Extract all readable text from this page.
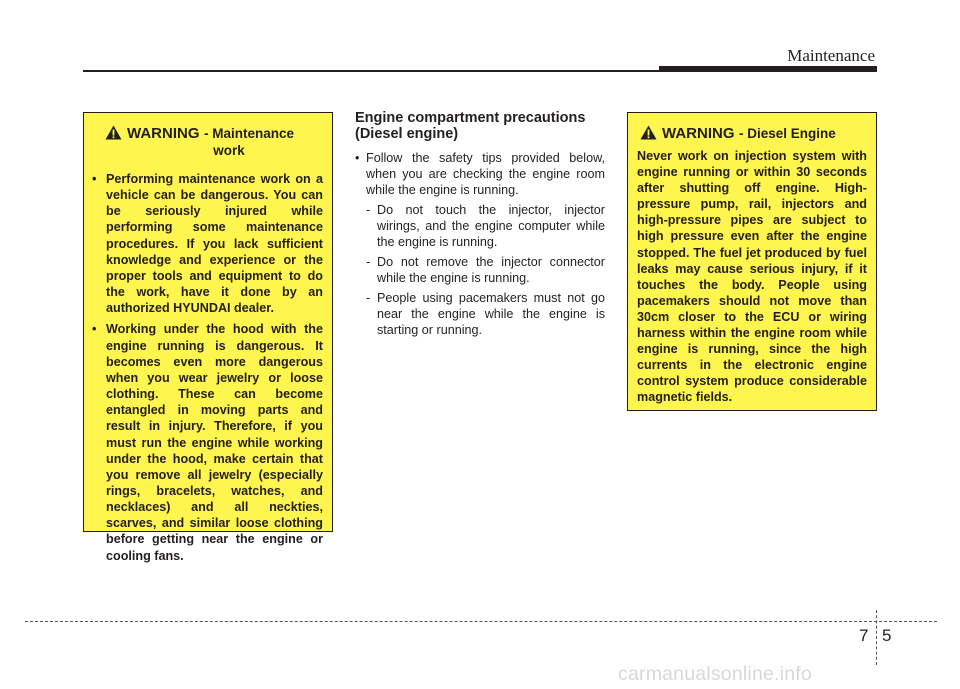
Maintenance
WARNING - Maintenance
work
• Performing maintenance work on a vehicle can be dangerous. You can be seriously injured while performing some maintenance procedures. If you lack sufficient knowledge and experience or the proper tools and equipment to do the work, have it done by an authorized HYUNDAI dealer.
• Working under the hood with the engine running is dangerous. It becomes even more dangerous when you wear jewelry or loose clothing. These can become entangled in moving parts and result in injury. Therefore, if you must run the engine while working under the hood, make certain that you remove all jewelry (especially rings, bracelets, watches, and necklaces) and all neckties, scarves, and similar loose clothing before getting near the engine or cooling fans.
Engine compartment precautions
(Diesel engine)
• Follow the safety tips provided below, when you are checking the engine room while the engine is running.
- Do not touch the injector, injector wirings, and the engine computer while the engine is running.
- Do not remove the injector connector while the engine is running.
- People using pacemakers must not go near the engine while the engine is starting or running.
WARNING - Diesel Engine
Never work on injection system with engine running or within 30 seconds after shutting off engine. High-pressure pump, rail, injectors and high-pressure pipes are subject to high pressure even after the engine stopped. The fuel jet produced by fuel leaks may cause serious injury, if it touches the body. People using pacemakers should not move than 30cm closer to the ECU or wiring harness within the engine room while engine is running, since the high currents in the electronic engine control system produce considerable magnetic fields.
7 5
carmanualsonline.info
